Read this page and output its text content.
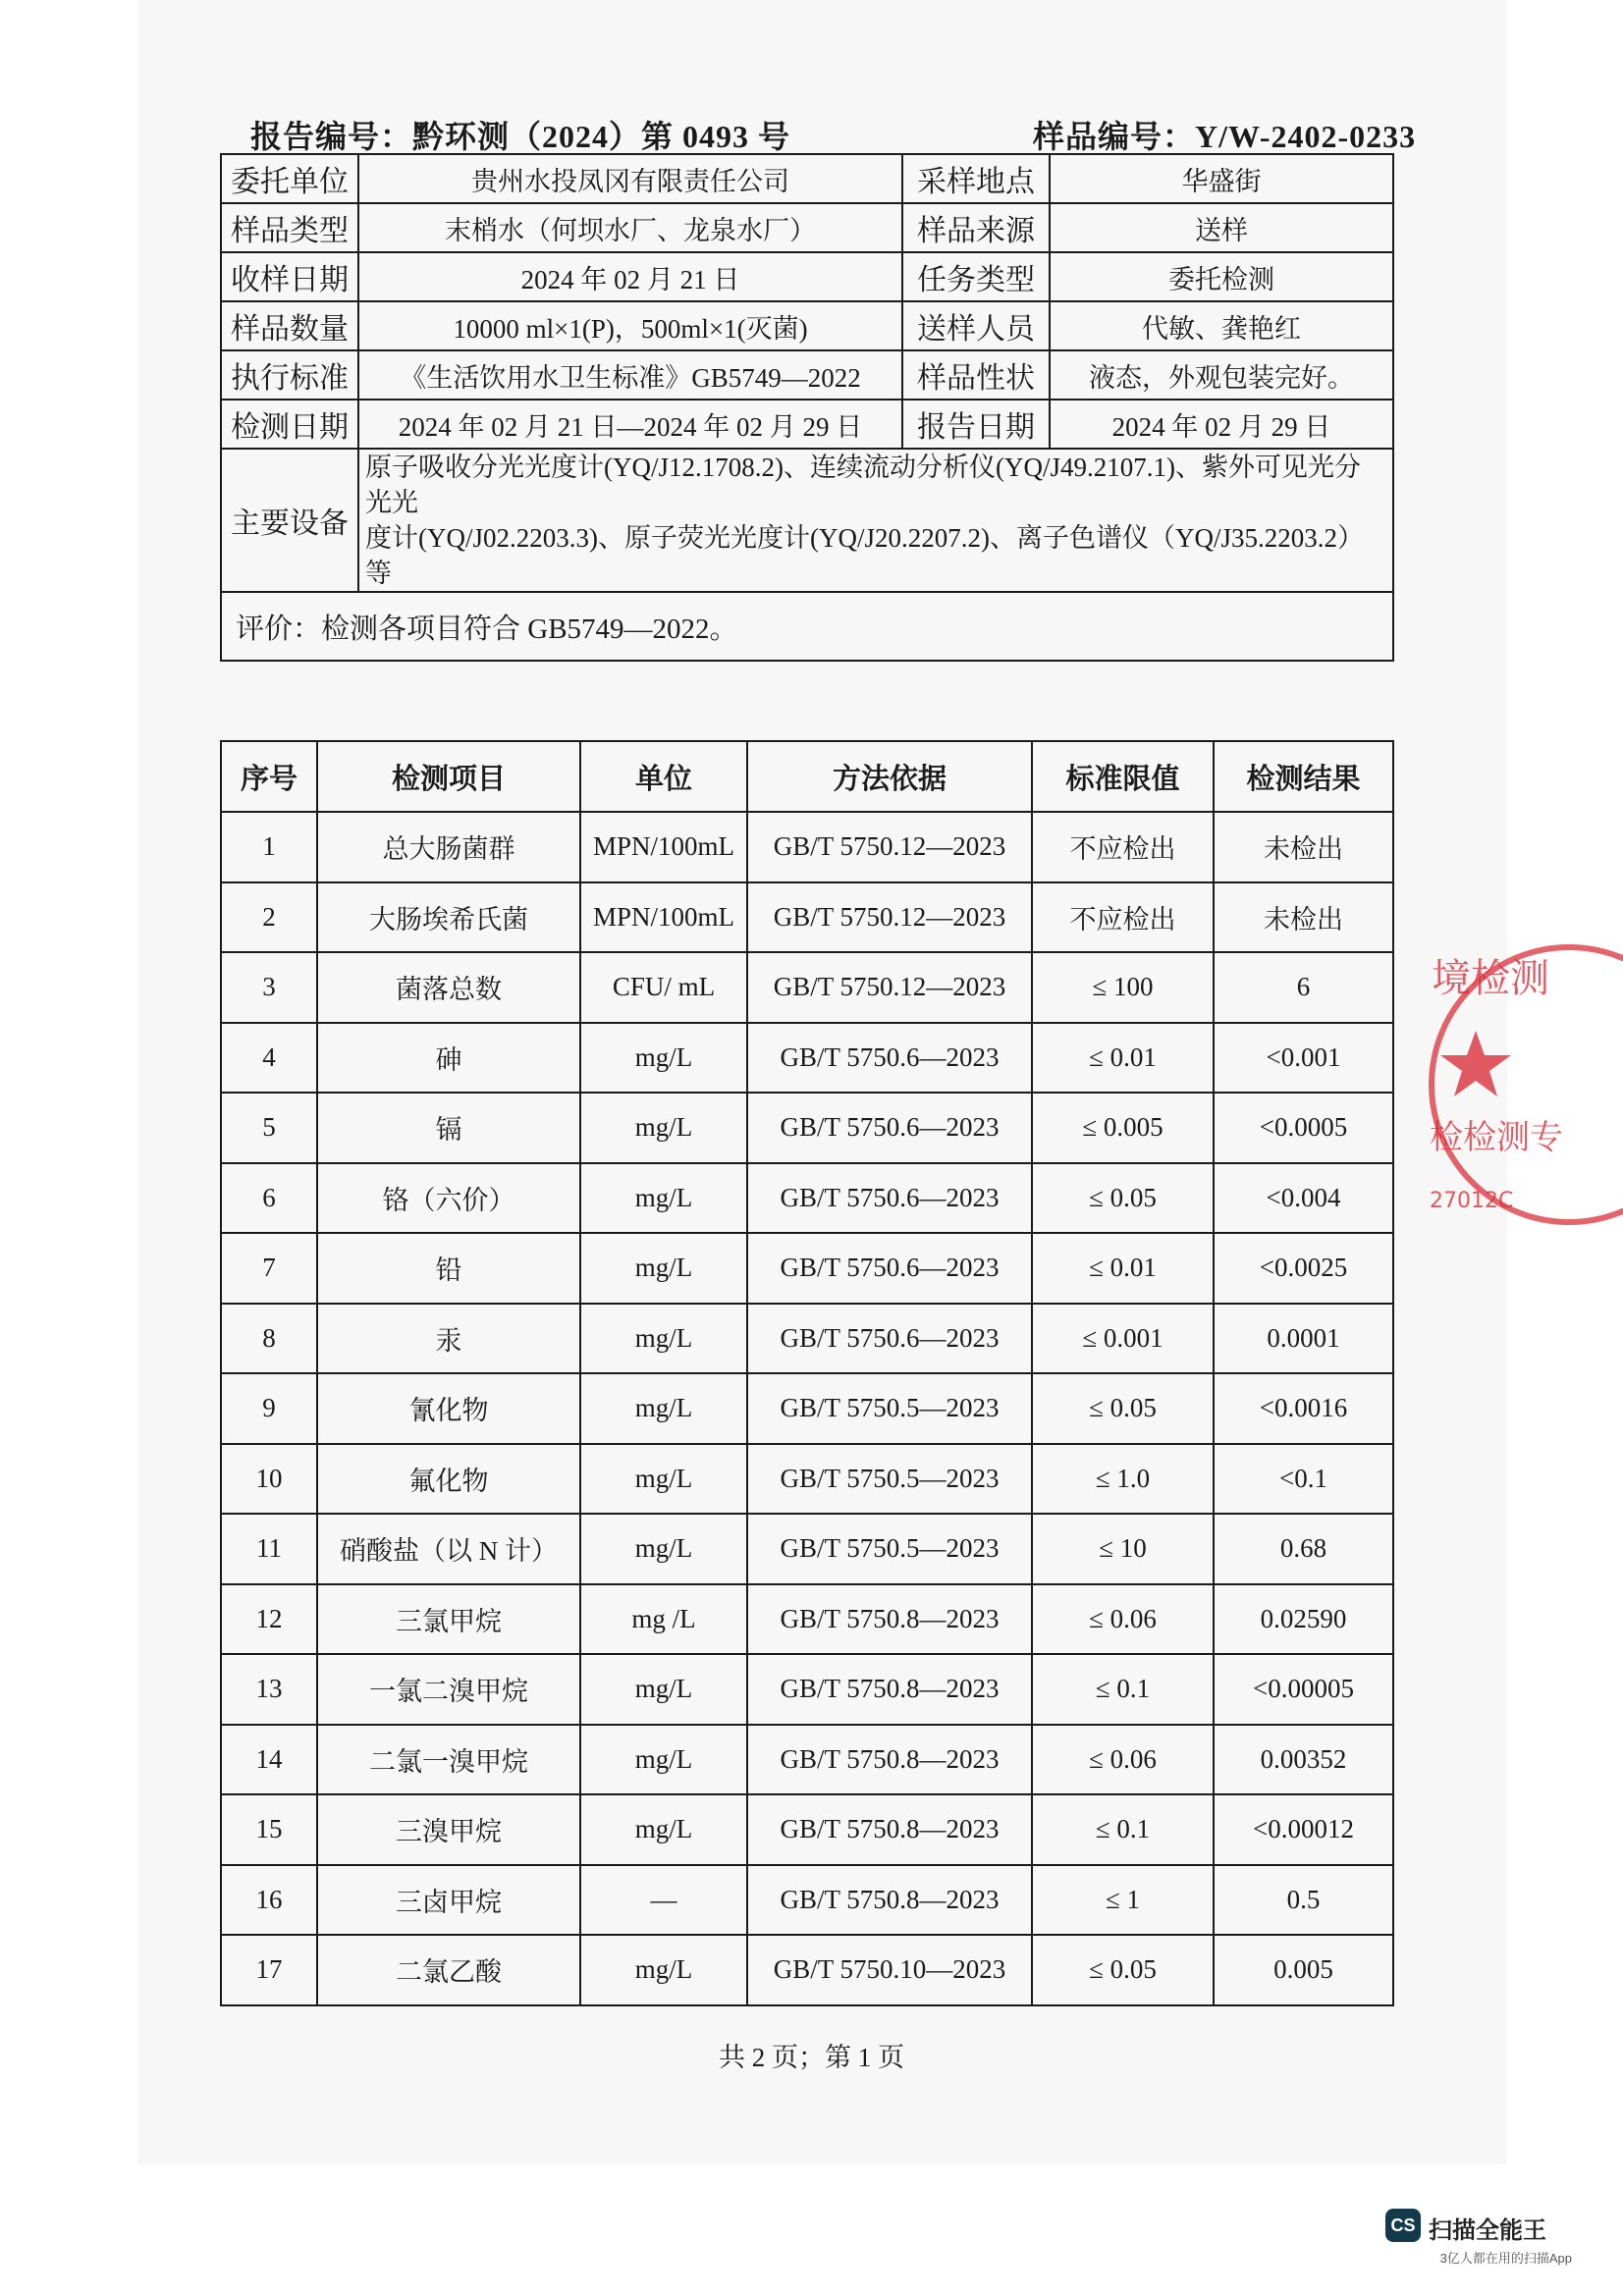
报告编号：黔环测（2024）第 0493 号	样品编号：Y/W-2402-0233
委托单位	贵州水投凤冈有限责任公司	采样地点	华盛街
样品类型	末梢水（何坝水厂、龙泉水厂）	样品来源	送样
收样日期	2024 年 02 月 21 日	任务类型	委托检测
样品数量	10000 ml×1(P)，500ml×1(灭菌)	送样人员	代敏、龚艳红
执行标准	《生活饮用水卫生标准》GB5749—2022	样品性状	液态，外观包装完好。
检测日期	2024 年 02 月 21 日—2024 年 02 月 29 日	报告日期	2024 年 02 月 29 日
主要设备	原子吸收分光光度计(YQ/J12.1708.2)、连续流动分析仪(YQ/J49.2107.1)、紫外可见光分光光
度计(YQ/J02.2203.3)、原子荧光光度计(YQ/J20.2207.2)、离子色谱仪（YQ/J35.2203.2）等		

评价：检测各项目符合 GB5749—2022。			
序号	检测项目	单位	方法依据	标准限值	检测结果
1	总大肠菌群	MPN/100mL	GB/T 5750.12—2023	不应检出	未检出
2	大肠埃希氏菌	MPN/100mL	GB/T 5750.12—2023	不应检出	未检出
3	菌落总数	CFU/ mL	GB/T 5750.12—2023	≤ 100	6
4	砷	mg/L	GB/T 5750.6—2023	≤ 0.01	<0.001
5	镉	mg/L	GB/T 5750.6—2023	≤ 0.005	<0.0005
6	铬（六价）	mg/L	GB/T 5750.6—2023	≤ 0.05	<0.004
7	铅	mg/L	GB/T 5750.6—2023	≤ 0.01	<0.0025
8	汞	mg/L	GB/T 5750.6—2023	≤ 0.001	0.0001
9	氰化物	mg/L	GB/T 5750.5—2023	≤ 0.05	<0.0016
10	氟化物	mg/L	GB/T 5750.5—2023	≤ 1.0	<0.1
11	硝酸盐（以 N 计）	mg/L	GB/T 5750.5—2023	≤ 10	0.68
12	三氯甲烷	mg /L	GB/T 5750.8—2023	≤ 0.06	0.02590
13	一氯二溴甲烷	mg/L	GB/T 5750.8—2023	≤ 0.1	<0.00005
14	二氯一溴甲烷	mg/L	GB/T 5750.8—2023	≤ 0.06	0.00352
15	三溴甲烷	mg/L	GB/T 5750.8—2023	≤ 0.1	<0.00012
16	三卤甲烷	—	GB/T 5750.8—2023	≤ 1	0.5
17	二氯乙酸	mg/L	GB/T 5750.10—2023	≤ 0.05	0.005
共 2 页；第 1 页
境检测
检检测专
27012C
CS 扫描全能王
3亿人都在用的扫描App
